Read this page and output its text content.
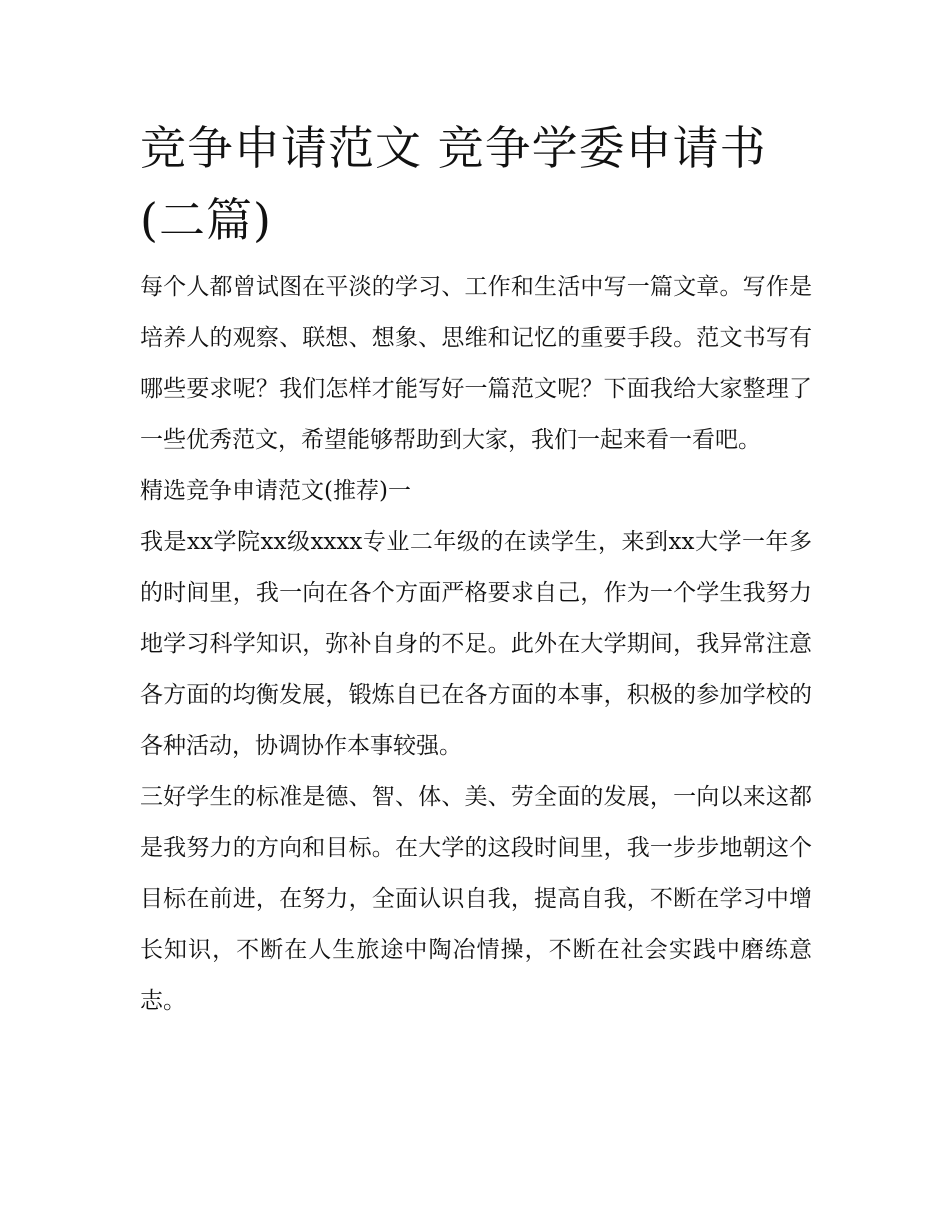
竞争申请范文 竞争学委申请书(二篇)

每个人都曾试图在平淡的学习、工作和生活中写一篇文章。写作是培养人的观察、联想、想象、思维和记忆的重要手段。范文书写有哪些要求呢？我们怎样才能写好一篇范文呢？下面我给大家整理了一些优秀范文，希望能够帮助到大家，我们一起来看一看吧。

精选竞争申请范文(推荐)一

我是xx学院xx级xxxx专业二年级的在读学生，来到xx大学一年多的时间里，我一向在各个方面严格要求自己，作为一个学生我努力地学习科学知识，弥补自身的不足。此外在大学期间，我异常注意各方面的均衡发展，锻炼自已在各方面的本事，积极的参加学校的各种活动，协调协作本事较强。

三好学生的标准是德、智、体、美、劳全面的发展，一向以来这都是我努力的方向和目标。在大学的这段时间里，我一步步地朝这个目标在前进，在努力，全面认识自我，提高自我，不断在学习中增长知识，不断在人生旅途中陶冶情操，不断在社会实践中磨练意志。
